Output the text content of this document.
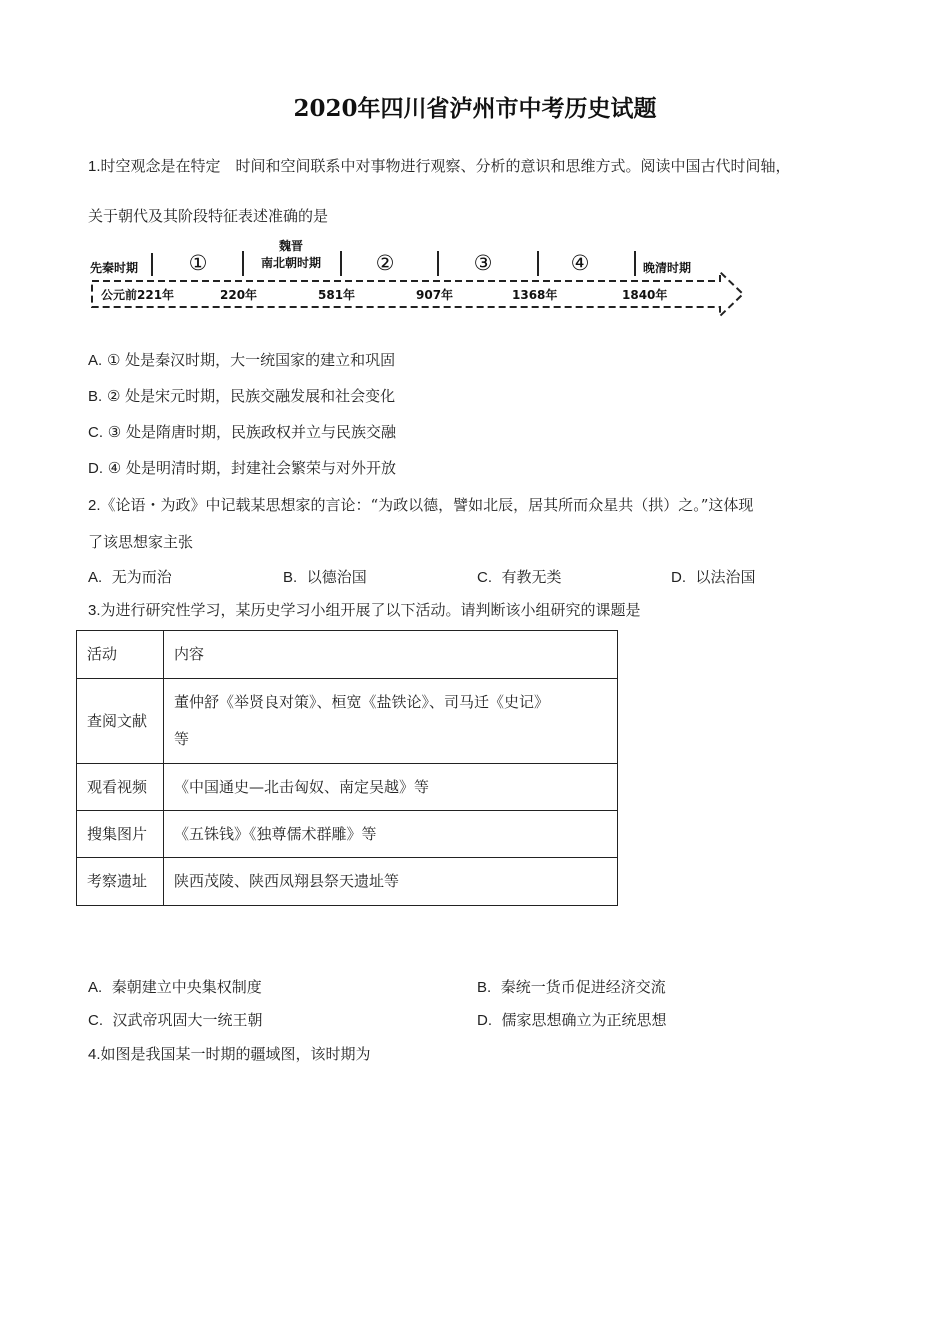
2020年四川省泸州市中考历史试题
1.时空观念是在特定　时间和空间联系中对事物进行观察、分析的意识和思维方式。阅读中国古代时间轴，
关于朝代及其阶段特征表述准确的是
先秦时期 ①
魏晋
南北朝时期	②	③	④	晚清时期
公元前221年	220年	581年	907年	1368年	1840年
A. ① 处是秦汉时期，大一统国家的建立和巩固
B. ② 处是宋元时期，民族交融发展和社会变化
C. ③ 处是隋唐时期，民族政权并立与民族交融
D. ④ 处是明清时期，封建社会繁荣与对外开放
2.《论语・为政》中记载某思想家的言论：“为政以德，譬如北辰，居其所而众星共（拱）之。”这体现
了该思想家主张
A. 无为而治	B. 以德治国	C. 有教无类	D. 以法治国
3.为进行研究性学习，某历史学习小组开展了以下活动。请判断该小组研究的课题是
活动	内容
查阅文献	董仲舒《举贤良对策》、桓宽《盐铁论》、司马迁《史记》
等
观看视频	《中国通史—北击匈奴、南定吴越》等
搜集图片	《五铢钱》《独尊儒术群雕》等
考察遗址	陕西茂陵、陕西凤翔县祭天遗址等
A. 秦朝建立中央集权制度	B. 秦统一货币促进经济交流
C. 汉武帝巩固大一统王朝	D. 儒家思想确立为正统思想
4.如图是我国某一时期的疆域图，该时期为
